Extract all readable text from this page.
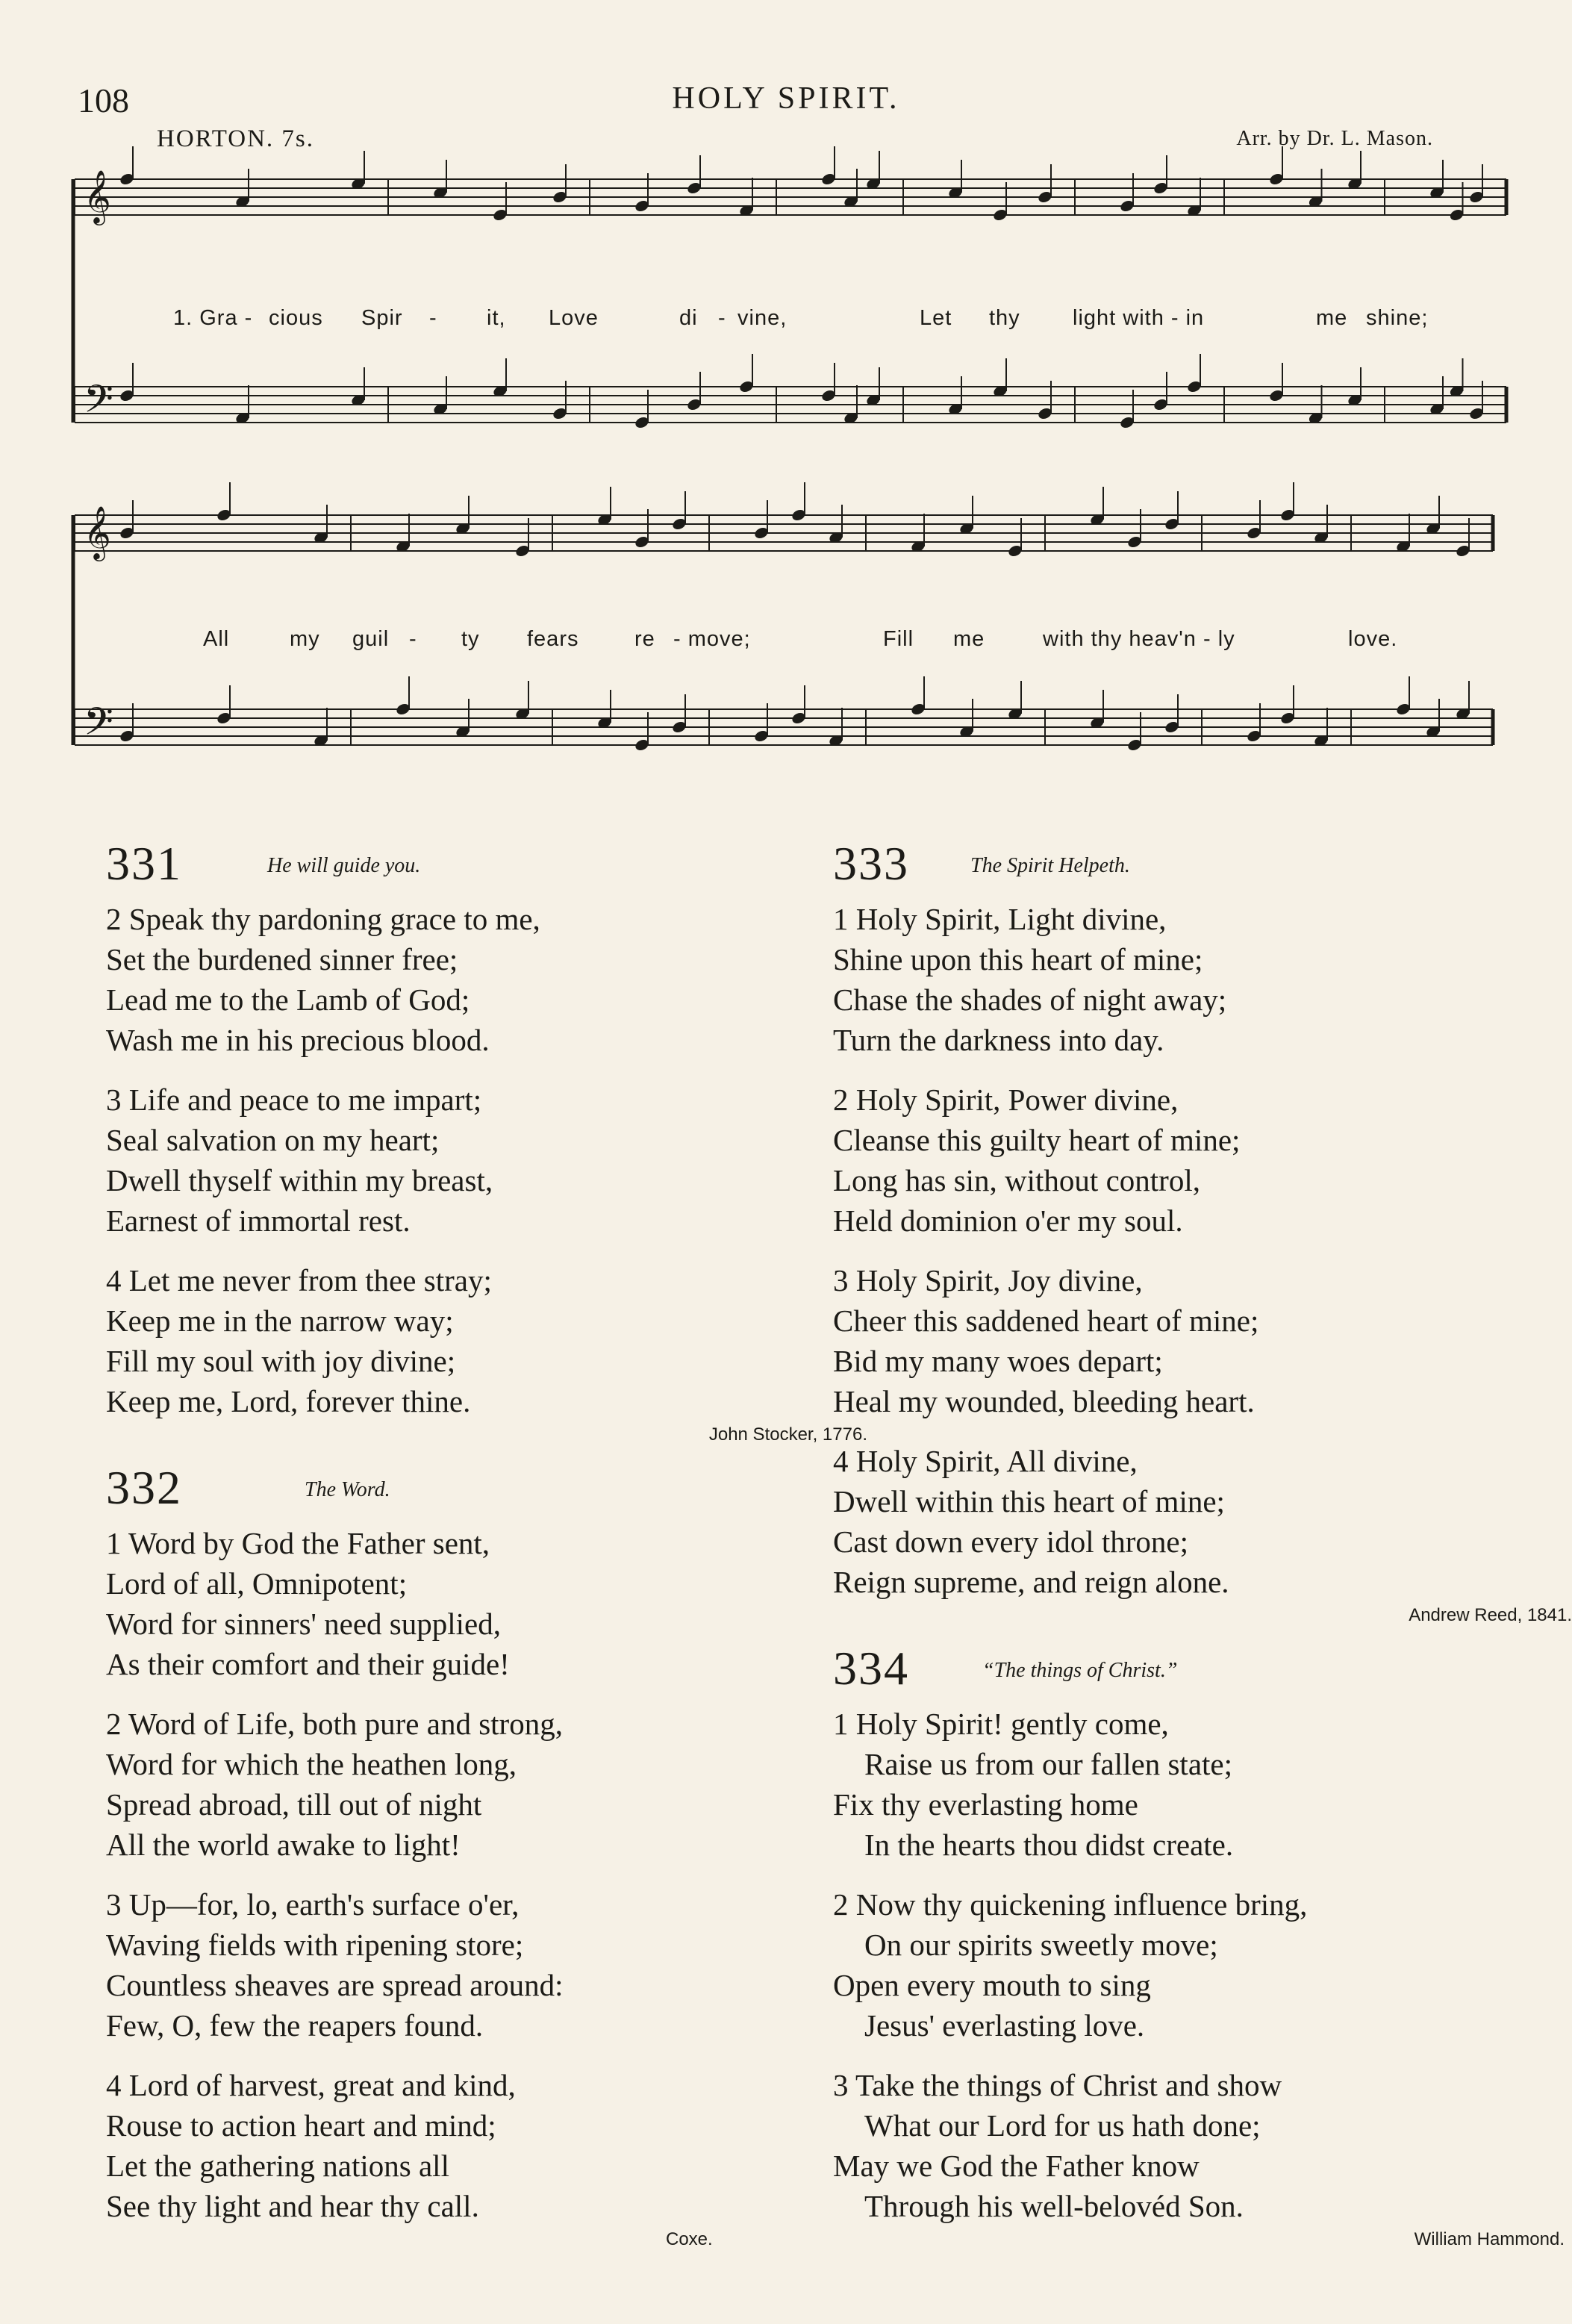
108	HOLY SPIRIT.
HORTON. 7s.	Arr. by Dr. L. Mason.
𝄞
𝄢
𝄞
𝄢
1. Gra - cious Spir - it, Love	di - vine,	Let thy light with - in	me shine;
All	my guil - ty fears	re - move;	Fill me	with thy heav'n - ly	love.
331	He will guide you.
2 Speak thy pardoning grace to me,
Set the burdened sinner free;
Lead me to the Lamb of God;
Wash me in his precious blood.
3 Life and peace to me impart;
Seal salvation on my heart;
Dwell thyself within my breast,
Earnest of immortal rest.
4 Let me never from thee stray;
Keep me in the narrow way;
Fill my soul with joy divine;
Keep me, Lord, forever thine.
John Stocker, 1776.
332	The Word.
1 Word by God the Father sent,
Lord of all, Omnipotent;
Word for sinners' need supplied,
As their comfort and their guide!
2 Word of Life, both pure and strong,
Word for which the heathen long,
Spread abroad, till out of night
All the world awake to light!
3 Up—for, lo, earth's surface o'er,
Waving fields with ripening store;
Countless sheaves are spread around:
Few, O, few the reapers found.
4 Lord of harvest, great and kind,
Rouse to action heart and mind;
Let the gathering nations all
See thy light and hear thy call.
Coxe.
333	The Spirit Helpeth.
1 Holy Spirit, Light divine,
Shine upon this heart of mine;
Chase the shades of night away;
Turn the darkness into day.
2 Holy Spirit, Power divine,
Cleanse this guilty heart of mine;
Long has sin, without control,
Held dominion o'er my soul.
3 Holy Spirit, Joy divine,
Cheer this saddened heart of mine;
Bid my many woes depart;
Heal my wounded, bleeding heart.
4 Holy Spirit, All divine,
Dwell within this heart of mine;
Cast down every idol throne;
Reign supreme, and reign alone.
Andrew Reed, 1841.
334	“The things of Christ.”
1 Holy Spirit! gently come,
Raise us from our fallen state;
Fix thy everlasting home
In the hearts thou didst create.
2 Now thy quickening influence bring,
On our spirits sweetly move;
Open every mouth to sing
Jesus' everlasting love.
3 Take the things of Christ and show
What our Lord for us hath done;
May we God the Father know
Through his well-belovéd Son.
William Hammond.
